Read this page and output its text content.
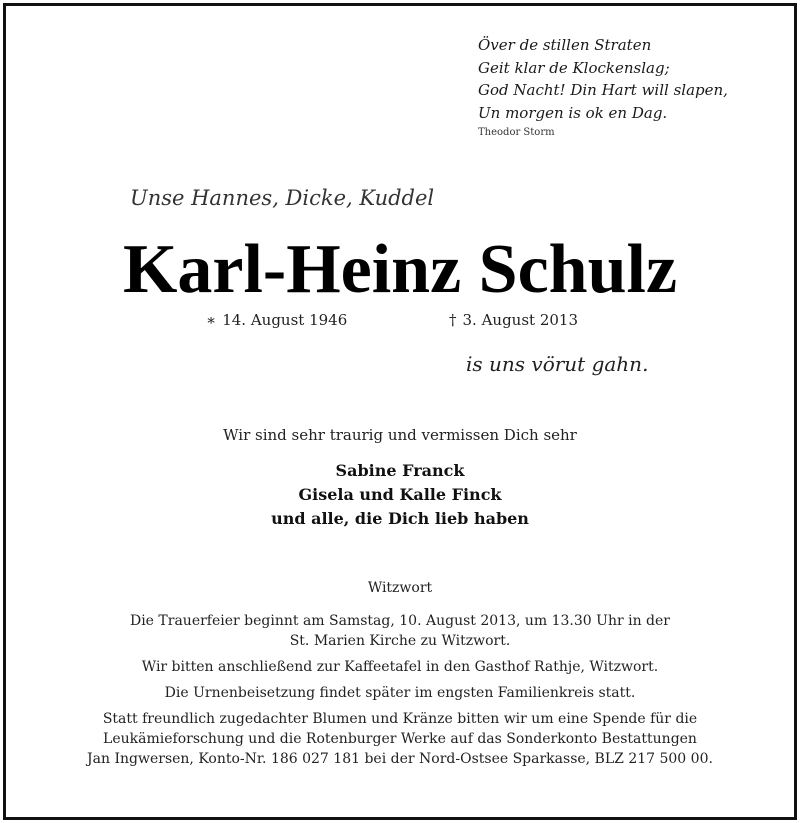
Över de stillen Straten
Geit klar de Klockenslag;
God Nacht! Din Hart will slapen,
Un morgen is ok en Dag.
Theodor Storm
Unse Hannes, Dicke, Kuddel
Karl-Heinz Schulz
∗ 14. August 1946	† 3. August 2013
is uns vörut gahn.
Wir sind sehr traurig und vermissen Dich sehr
Sabine Franck
Gisela und Kalle Finck
und alle, die Dich lieb haben
Witzwort

Die Trauerfeier beginnt am Samstag, 10. August 2013, um 13.30 Uhr in der
St. Marien Kirche zu Witzwort.

Wir bitten anschließend zur Kaffeetafel in den Gasthof Rathje, Witzwort.

Die Urnenbeisetzung findet später im engsten Familienkreis statt.

Statt freundlich zugedachter Blumen und Kränze bitten wir um eine Spende für die
Leukämieforschung und die Rotenburger Werke auf das Sonderkonto Bestattungen
Jan Ingwersen, Konto-Nr. 186 027 181 bei der Nord-Ostsee Sparkasse, BLZ 217 500 00.
